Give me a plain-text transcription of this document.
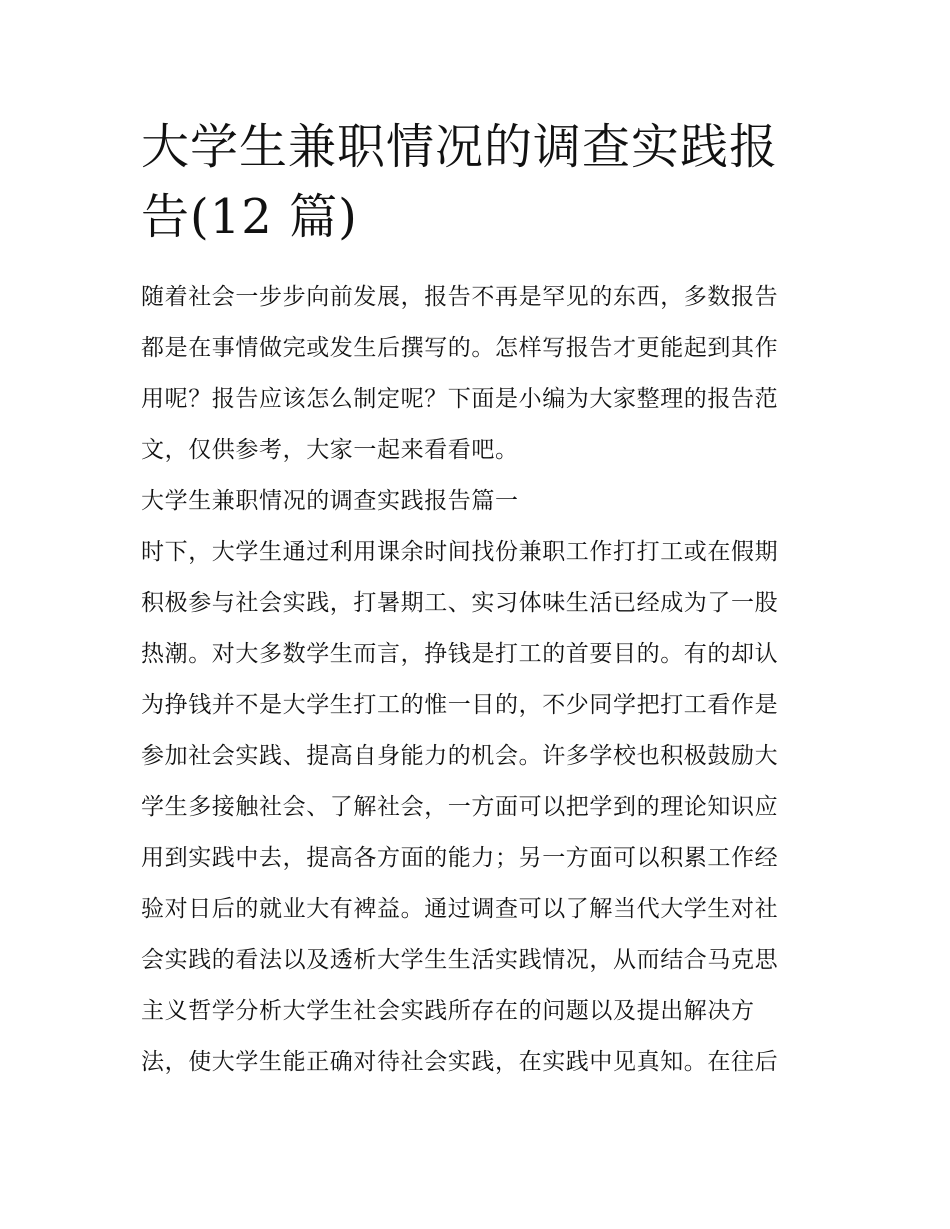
大学生兼职情况的调查实践报
告(12 篇)
随着社会一步步向前发展，报告不再是罕见的东西，多数报告
都是在事情做完或发生后撰写的。怎样写报告才更能起到其作
用呢？报告应该怎么制定呢？下面是小编为大家整理的报告范
文，仅供参考，大家一起来看看吧。
大学生兼职情况的调查实践报告篇一
时下，大学生通过利用课余时间找份兼职工作打打工或在假期
积极参与社会实践，打暑期工、实习体味生活已经成为了一股
热潮。对大多数学生而言，挣钱是打工的首要目的。有的却认
为挣钱并不是大学生打工的惟一目的，不少同学把打工看作是
参加社会实践、提高自身能力的机会。许多学校也积极鼓励大
学生多接触社会、了解社会，一方面可以把学到的理论知识应
用到实践中去，提高各方面的能力；另一方面可以积累工作经
验对日后的就业大有裨益。通过调查可以了解当代大学生对社
会实践的看法以及透析大学生生活实践情况，从而结合马克思
主义哲学分析大学生社会实践所存在的问题以及提出解决方
法，使大学生能正确对待社会实践，在实践中见真知。在往后
